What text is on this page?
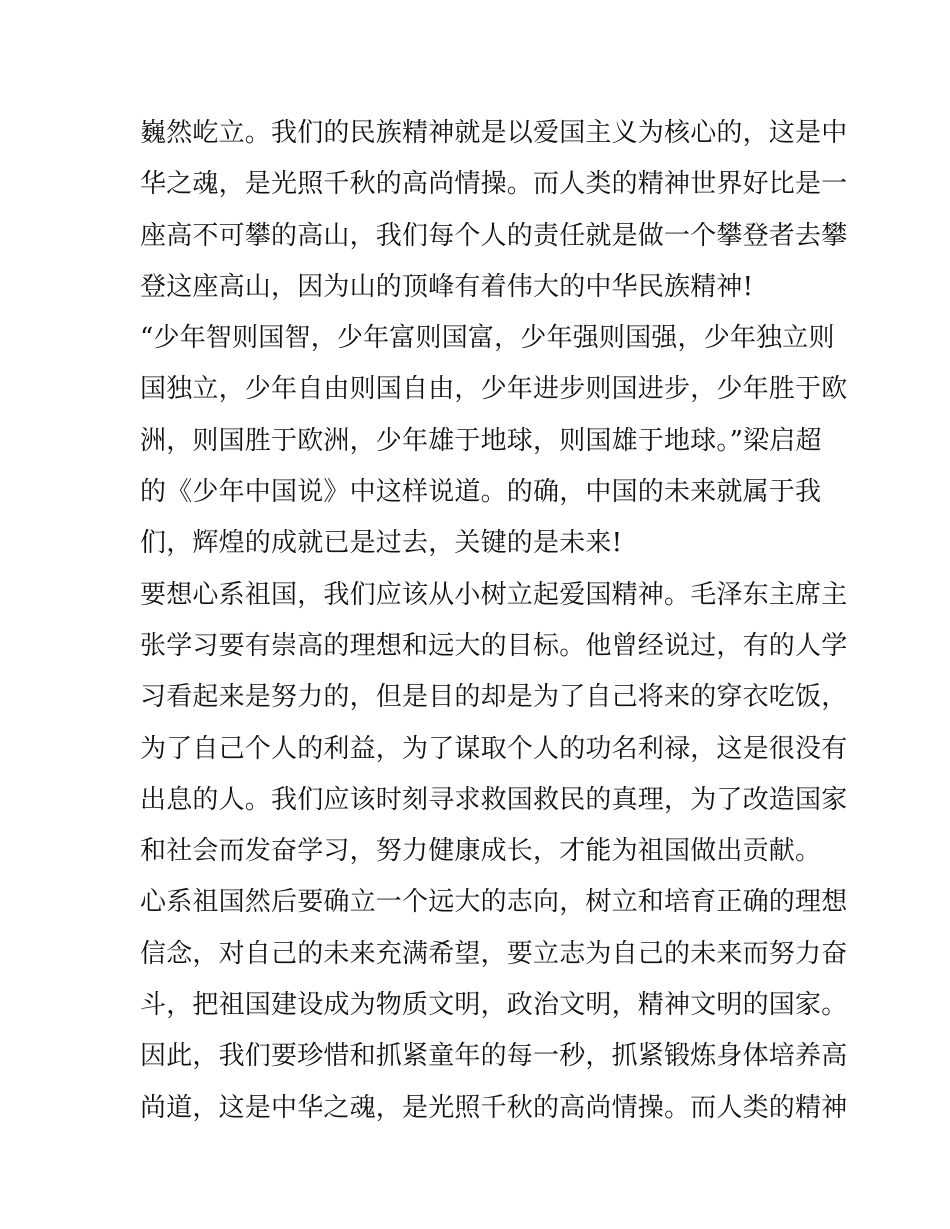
巍然屹立。我们的民族精神就是以爱国主义为核心的，这是中
华之魂，是光照千秋的高尚情操。而人类的精神世界好比是一
座高不可攀的高山，我们每个人的责任就是做一个攀登者去攀
登这座高山，因为山的顶峰有着伟大的中华民族精神!
“少年智则国智，少年富则国富，少年强则国强，少年独立则
国独立，少年自由则国自由，少年进步则国进步，少年胜于欧
洲，则国胜于欧洲，少年雄于地球，则国雄于地球。”梁启超
的《少年中国说》中这样说道。的确，中国的未来就属于我
们，辉煌的成就已是过去，关键的是未来!
要想心系祖国，我们应该从小树立起爱国精神。毛泽东主席主
张学习要有崇高的理想和远大的目标。他曾经说过，有的人学
习看起来是努力的，但是目的却是为了自己将来的穿衣吃饭，
为了自己个人的利益，为了谋取个人的功名利禄，这是很没有
出息的人。我们应该时刻寻求救国救民的真理，为了改造国家
和社会而发奋学习，努力健康成长，才能为祖国做出贡献。
心系祖国然后要确立一个远大的志向，树立和培育正确的理想
信念，对自己的未来充满希望，要立志为自己的未来而努力奋
斗，把祖国建设成为物质文明，政治文明，精神文明的国家。
因此，我们要珍惜和抓紧童年的每一秒，抓紧锻炼身体培养高
尚道，这是中华之魂，是光照千秋的高尚情操。而人类的精神
